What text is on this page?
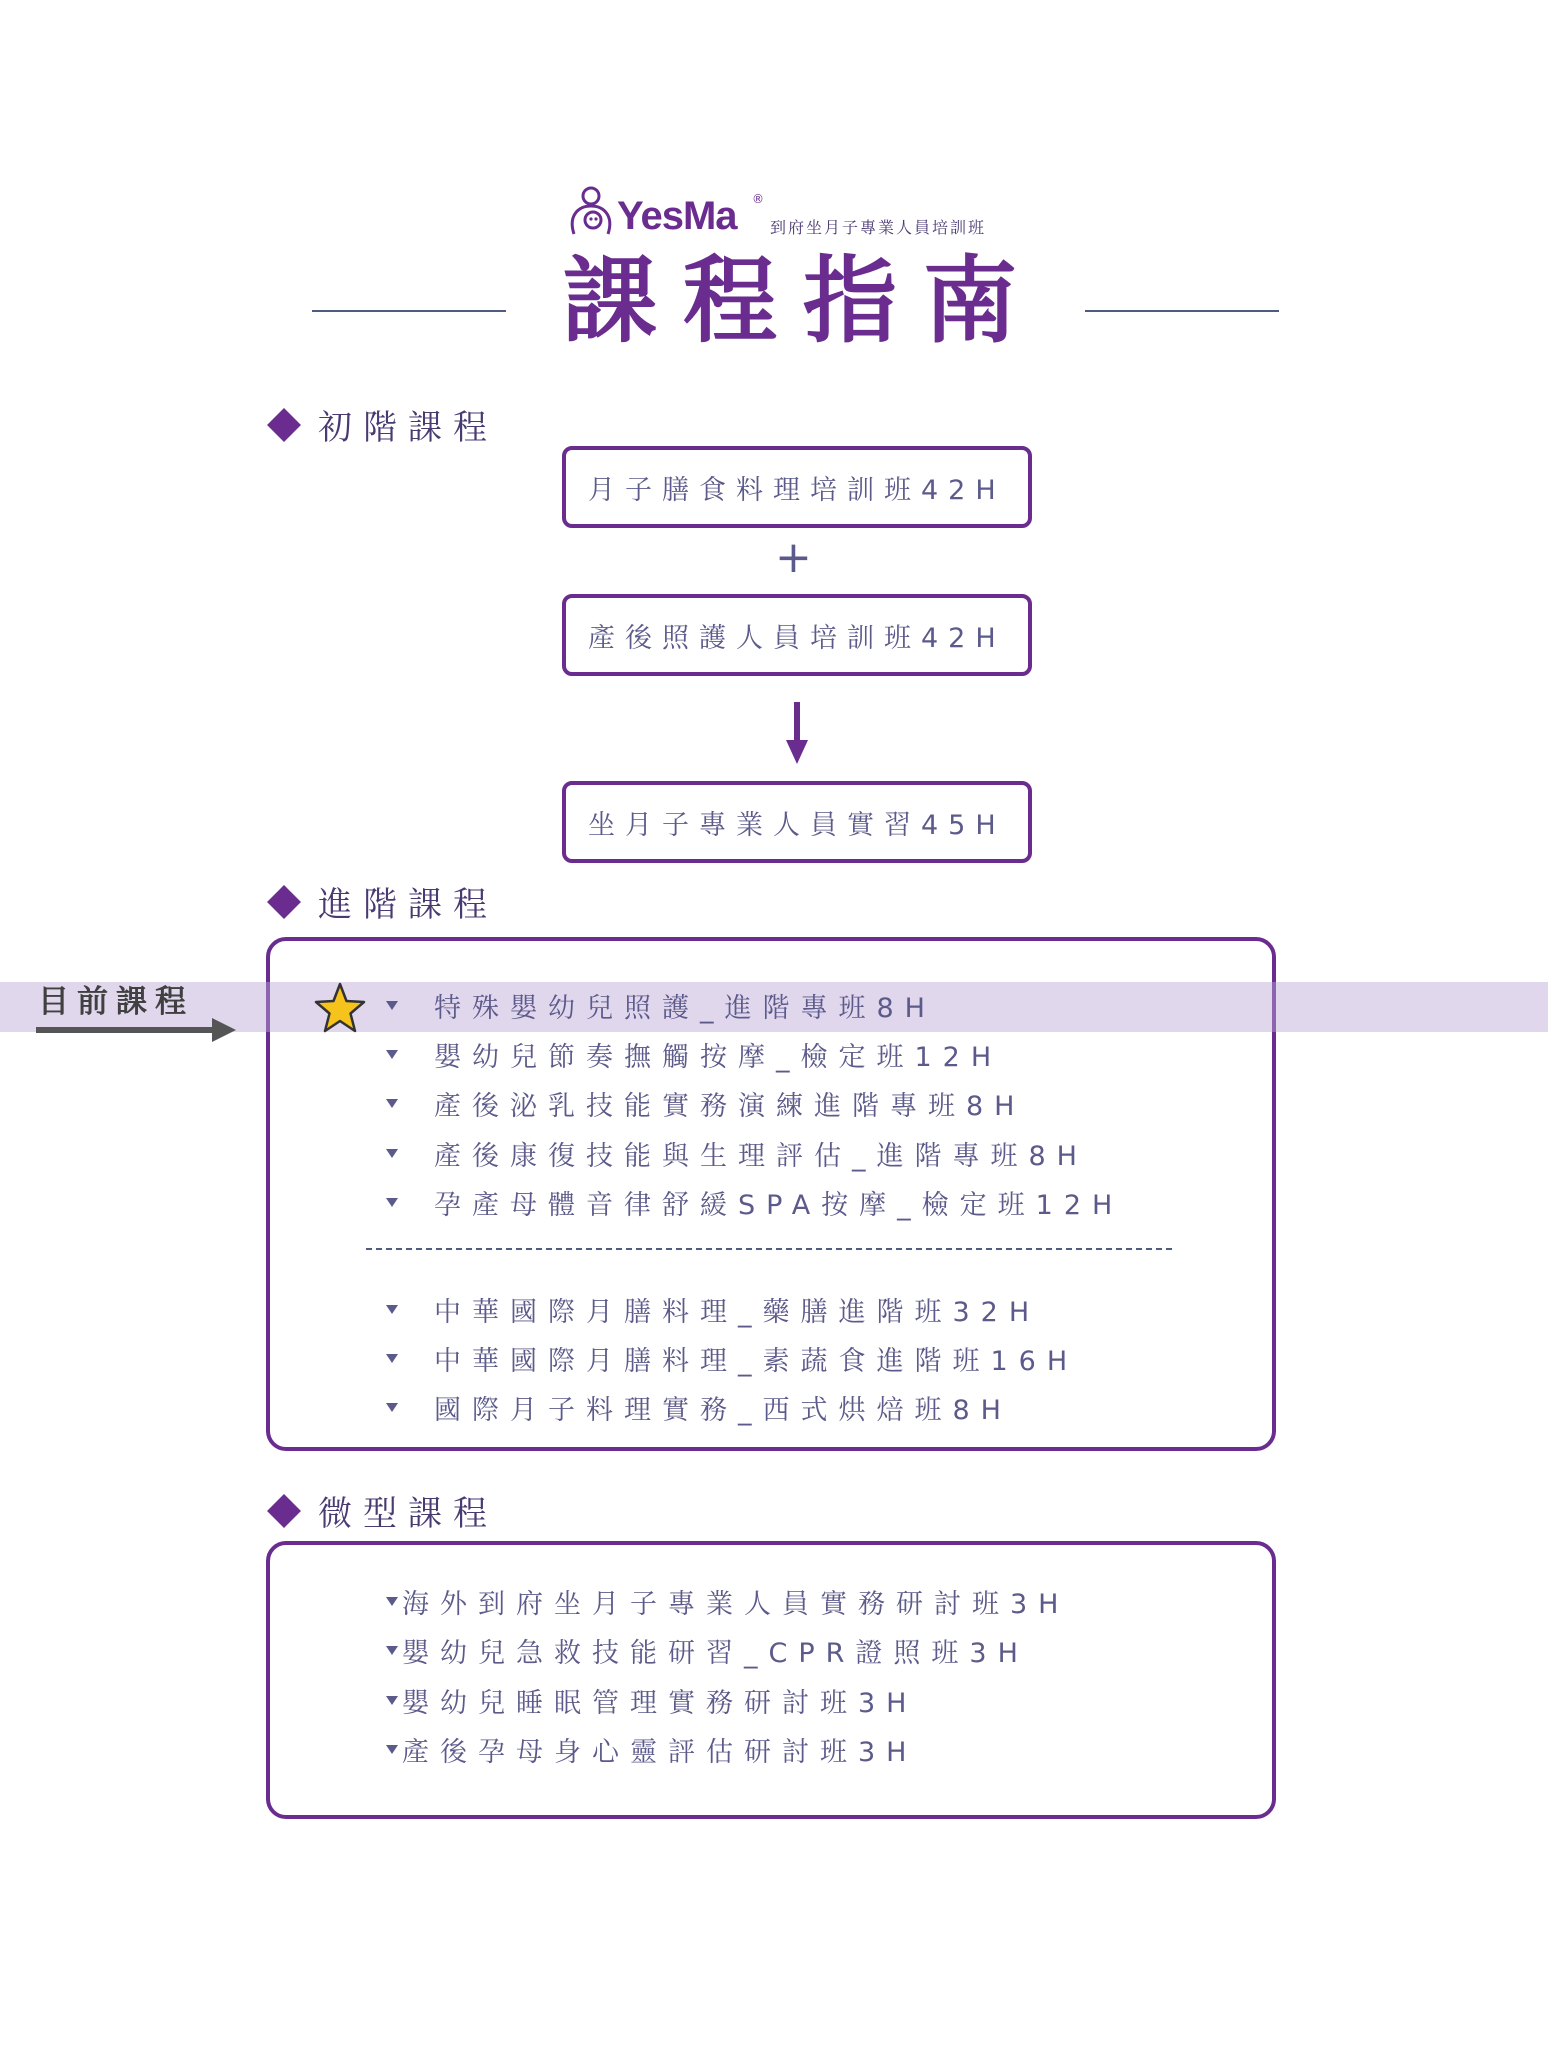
YesMa ®
到府坐月子專業人員培訓班
課程指南
初階課程
月子膳食料理培訓班42H
+
產後照護人員培訓班42H
坐月子專業人員實習45H
進階課程
目前課程	特殊嬰幼兒照護_進階專班8H
嬰幼兒節奏撫觸按摩_檢定班12H
產後泌乳技能實務演練進階專班8H
產後康復技能與生理評估_進階專班8H
孕產母體音律舒緩SPA按摩_檢定班12H
中華國際月膳料理_藥膳進階班32H
中華國際月膳料理_素蔬食進階班16H
國際月子料理實務_西式烘焙班8H
微型課程
海外到府坐月子專業人員實務研討班3H
嬰幼兒急救技能研習_CPR證照班3H
嬰幼兒睡眠管理實務研討班3H
產後孕母身心靈評估研討班3H
